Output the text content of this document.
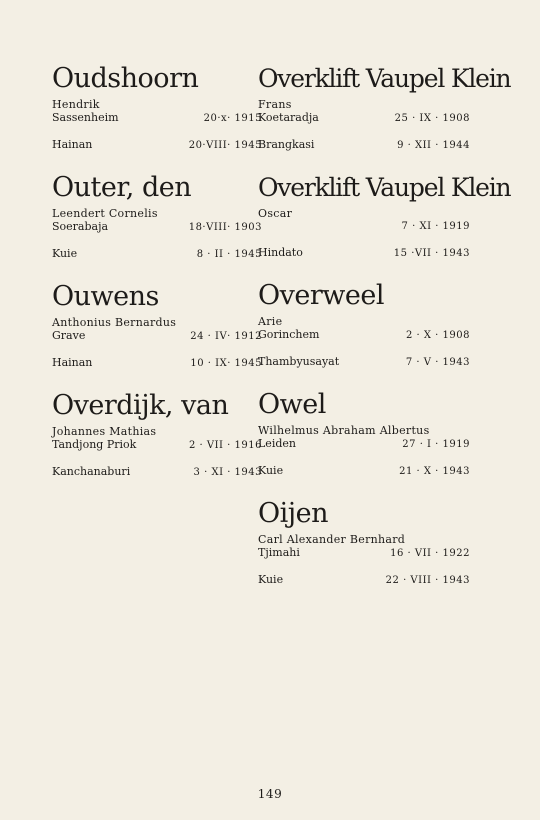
Oudshoorn
Hendrik
Sassenheim	20·x· 1915
Hainan	20·VIII· 1945
Outer, den
Leendert Cornelis
Soerabaja	18·VIII· 1903
Kuie	8 · II · 1945
Ouwens
Anthonius Bernardus
Grave	24 · IV· 1912
Hainan	10 · IX· 1945
Overdijk, van
Johannes Mathias
Tandjong Priok	2 · VII · 1916
Kanchanaburi	3 · XI · 1943
Overklift Vaupel Klein
Frans
Koetaradja	25 · IX · 1908
Brangkasi	9 · XII · 1944
Overklift Vaupel Klein
Oscar
7 · XI · 1919
Hindato	15 ·VII · 1943
Overweel
Arie
Gorinchem	2 · X · 1908
Thambyusayat	7 · V · 1943
Owel
Wilhelmus Abraham Albertus
Leiden	27 · I · 1919
Kuie	21 · X · 1943
Oijen
Carl Alexander Bernhard
Tjimahi	16 · VII · 1922
Kuie	22 · VIII · 1943
149
